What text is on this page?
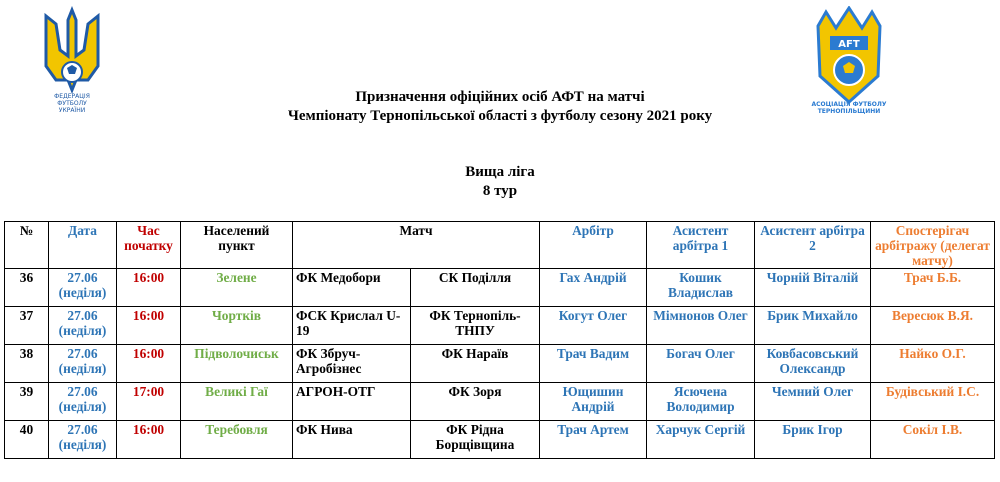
ФЕДЕРАЦІЯ
ФУТБОЛУ
УКРАЇНИ
AFT
АСОЦІАЦІЯ ФУТБОЛУ
ТЕРНОПІЛЬЩИНИ
Призначення офіційних осіб АФТ на матчі
Чемпіонату Тернопільської області з футболу сезону 2021 року
Вища ліга
8 тур
№	Дата	Час початку	Населений пункт	Матч		Арбітр	Асистент арбітра 1	Асистент арбітра 2	Спостерігач арбітражу (делегат матчу)
36	27.06 (неділя)	16:00	Зелене	ФК Медобори	СК Поділля	Гах Андрій	Кошик Владислав	Чорній Віталій	Трач Б.Б.
37	27.06 (неділя)	16:00	Чортків	ФСК Крислал U-19	ФК Тернопіль-ТНПУ	Когут Олег	Мімнонов Олег	Брик Михайло	Вересюк В.Я.
38	27.06 (неділя)	16:00	Підволочиськ	ФК Збруч-Агробізнес	ФК Нараїв	Трач Вадим	Богач Олег	Ковбасовський Олександр	Найко О.Г.
39	27.06 (неділя)	17:00	Великі Гаї	АГРОН-ОТГ	ФК Зоря	Ющишин Андрій	Ясючена Володимир	Чемний Олег	Будівський І.С.
40	27.06 (неділя)	16:00	Теребовля	ФК Нива	ФК Рідна Борщівщина	Трач Артем	Харчук Сергій	Брик Ігор	Сокіл І.В.
